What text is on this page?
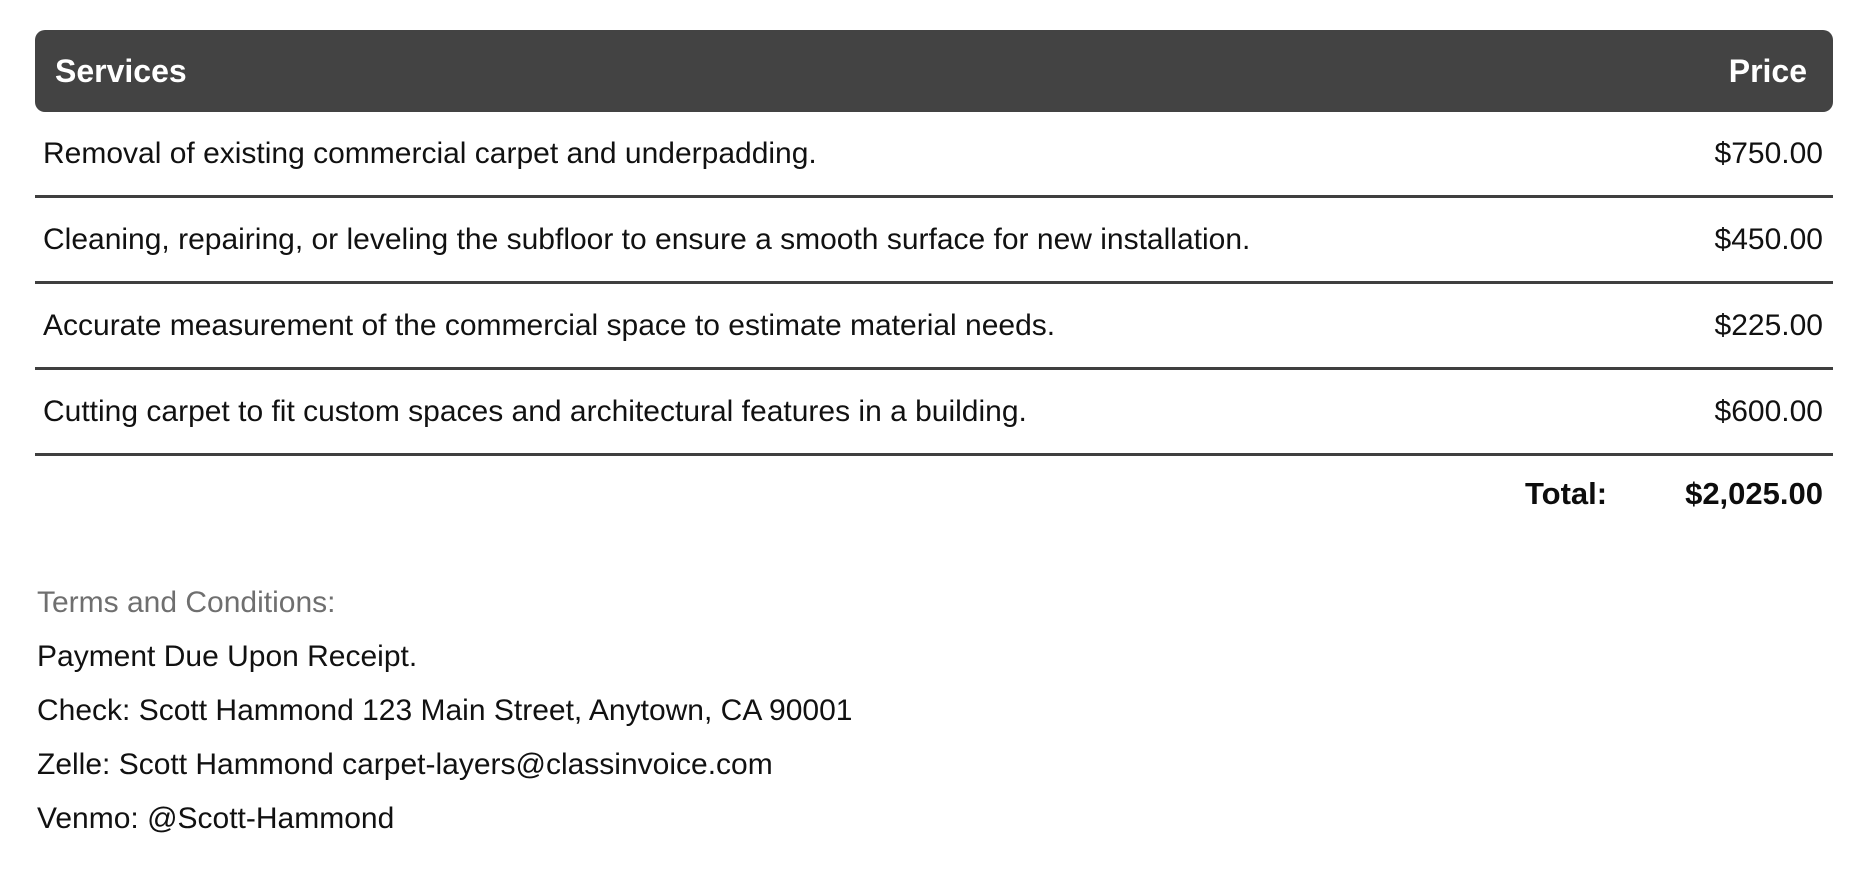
Services	Price
Removal of existing commercial carpet and underpadding.	$750.00
Cleaning, repairing, or leveling the subfloor to ensure a smooth surface for new installation.	$450.00
Accurate measurement of the commercial space to estimate material needs.	$225.00
Cutting carpet to fit custom spaces and architectural features in a building.	$600.00
Total:	$2,025.00
Terms and Conditions:
Payment Due Upon Receipt.
Check: Scott Hammond 123 Main Street, Anytown, CA 90001
Zelle: Scott Hammond carpet-layers@classinvoice.com
Venmo: @Scott-Hammond
